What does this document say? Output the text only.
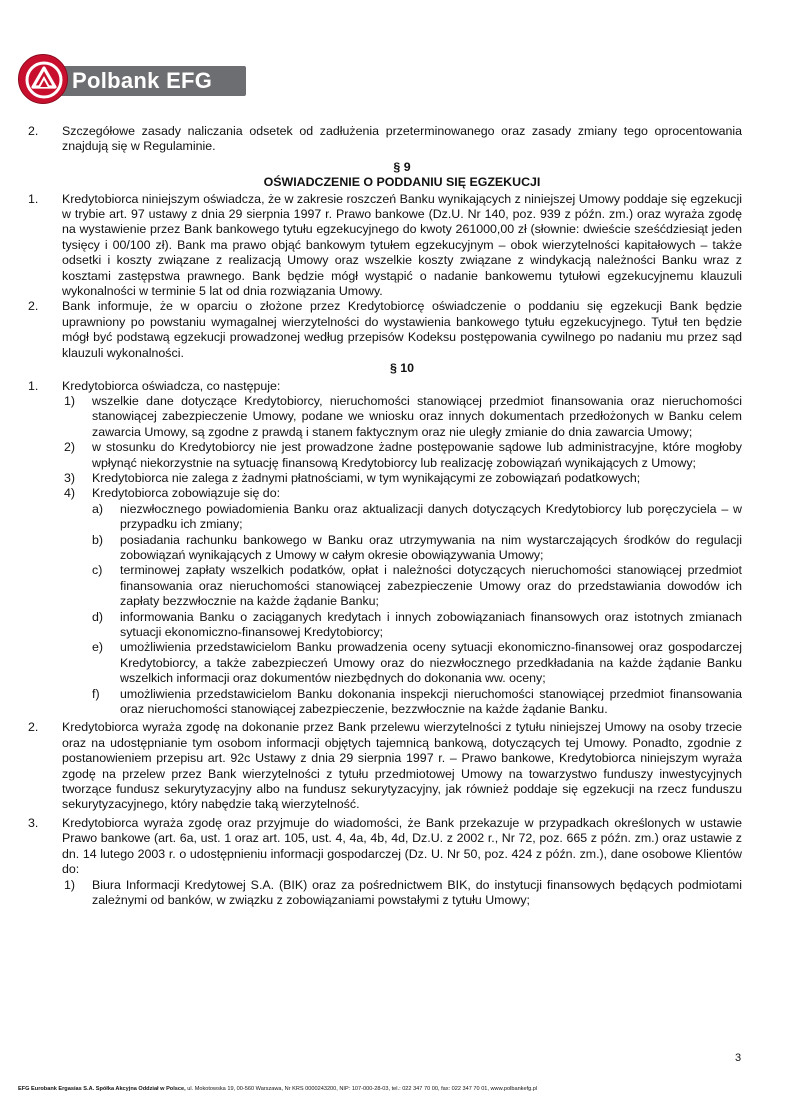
Polbank EFG
2. Szczegółowe zasady naliczania odsetek od zadłużenia przeterminowanego oraz zasady zmiany tego oprocentowania znajdują się w Regulaminie.
§ 9
OŚWIADCZENIE O PODDANIU SIĘ EGZEKUCJI
1. Kredytobiorca niniejszym oświadcza, że w zakresie roszczeń Banku wynikających z niniejszej Umowy poddaje się egzekucji w trybie art. 97 ustawy z dnia 29 sierpnia 1997 r. Prawo bankowe (Dz.U. Nr 140, poz. 939 z późn. zm.) oraz wyraża zgodę na wystawienie przez Bank bankowego tytułu egzekucyjnego do kwoty 261000,00 zł (słownie: dwieście sześćdziesiąt jeden tysięcy i 00/100 zł). Bank ma prawo objąć bankowym tytułem egzekucyjnym – obok wierzytelności kapitałowych – także odsetki i koszty związane z realizacją Umowy oraz wszelkie koszty związane z windykacją należności Banku wraz z kosztami zastępstwa prawnego. Bank będzie mógł wystąpić o nadanie bankowemu tytułowi egzekucyjnemu klauzuli wykonalności w terminie 5 lat od dnia rozwiązania Umowy.
2. Bank informuje, że w oparciu o złożone przez Kredytobiorcę oświadczenie o poddaniu się egzekucji Bank będzie uprawniony po powstaniu wymagalnej wierzytelności do wystawienia bankowego tytułu egzekucyjnego. Tytuł ten będzie mógł być podstawą egzekucji prowadzonej według przepisów Kodeksu postępowania cywilnego po nadaniu mu przez sąd klauzuli wykonalności.
§ 10
1. Kredytobiorca oświadcza, co następuje:
1) wszelkie dane dotyczące Kredytobiorcy, nieruchomości stanowiącej przedmiot finansowania oraz nieruchomości stanowiącej zabezpieczenie Umowy, podane we wniosku oraz innych dokumentach przedłożonych w Banku celem zawarcia Umowy, są zgodne z prawdą i stanem faktycznym oraz nie uległy zmianie do dnia zawarcia Umowy;
2) w stosunku do Kredytobiorcy nie jest prowadzone żadne postępowanie sądowe lub administracyjne, które mogłoby wpłynąć niekorzystnie na sytuację finansową Kredytobiorcy lub realizację zobowiązań wynikających z Umowy;
3) Kredytobiorca nie zalega z żadnymi płatnościami, w tym wynikającymi ze zobowiązań podatkowych;
4) Kredytobiorca zobowiązuje się do:
a) niezwłocznego powiadomienia Banku oraz aktualizacji danych dotyczących Kredytobiorcy lub poręczyciela – w przypadku ich zmiany;
b) posiadania rachunku bankowego w Banku oraz utrzymywania na nim wystarczających środków do regulacji zobowiązań wynikających z Umowy w całym okresie obowiązywania Umowy;
c) terminowej zapłaty wszelkich podatków, opłat i należności dotyczących nieruchomości stanowiącej przedmiot finansowania oraz nieruchomości stanowiącej zabezpieczenie Umowy oraz do przedstawiania dowodów ich zapłaty bezzwłocznie na każde żądanie Banku;
d) informowania Banku o zaciąganych kredytach i innych zobowiązaniach finansowych oraz istotnych zmianach sytuacji ekonomiczno-finansowej Kredytobiorcy;
e) umożliwienia przedstawicielom Banku prowadzenia oceny sytuacji ekonomiczno-finansowej oraz gospodarczej Kredytobiorcy, a także zabezpieczeń Umowy oraz do niezwłocznego przedkładania na każde żądanie Banku wszelkich informacji oraz dokumentów niezbędnych do dokonania ww. oceny;
f) umożliwienia przedstawicielom Banku dokonania inspekcji nieruchomości stanowiącej przedmiot finansowania oraz nieruchomości stanowiącej zabezpieczenie, bezzwłocznie na każde żądanie Banku.
2. Kredytobiorca wyraża zgodę na dokonanie przez Bank przelewu wierzytelności z tytułu niniejszej Umowy na osoby trzecie oraz na udostępnianie tym osobom informacji objętych tajemnicą bankową, dotyczących tej Umowy. Ponadto, zgodnie z postanowieniem przepisu art. 92c Ustawy z dnia 29 sierpnia 1997 r. – Prawo bankowe, Kredytobiorca niniejszym wyraża zgodę na przelew przez Bank wierzytelności z tytułu przedmiotowej Umowy na towarzystwo funduszy inwestycyjnych tworzące fundusz sekurytyzacyjny albo na fundusz sekurytyzacyjny, jak również poddaje się egzekucji na rzecz funduszu sekurytyzacyjnego, który nabędzie taką wierzytelność.
3. Kredytobiorca wyraża zgodę oraz przyjmuje do wiadomości, że Bank przekazuje w przypadkach określonych w ustawie Prawo bankowe (art. 6a, ust. 1 oraz art. 105, ust. 4, 4a, 4b, 4d, Dz.U. z 2002 r., Nr 72, poz. 665 z późn. zm.) oraz ustawie z dn. 14 lutego 2003 r. o udostępnieniu informacji gospodarczej (Dz. U. Nr 50, poz. 424 z późn. zm.), dane osobowe Klientów do:
1) Biura Informacji Kredytowej S.A. (BIK) oraz za pośrednictwem BIK, do instytucji finansowych będących podmiotami zależnymi od banków, w związku z zobowiązaniami powstałymi z tytułu Umowy;
3
EFG Eurobank Ergasias S.A. Spółka Akcyjna Oddział w Polsce, ul. Mokotowska 19, 00-560 Warszawa, Nr KRS 0000243200, NIP: 107-000-28-03, tel.: 022 347 70 00, fax: 022 347 70 01, www.polbankefg.pl
